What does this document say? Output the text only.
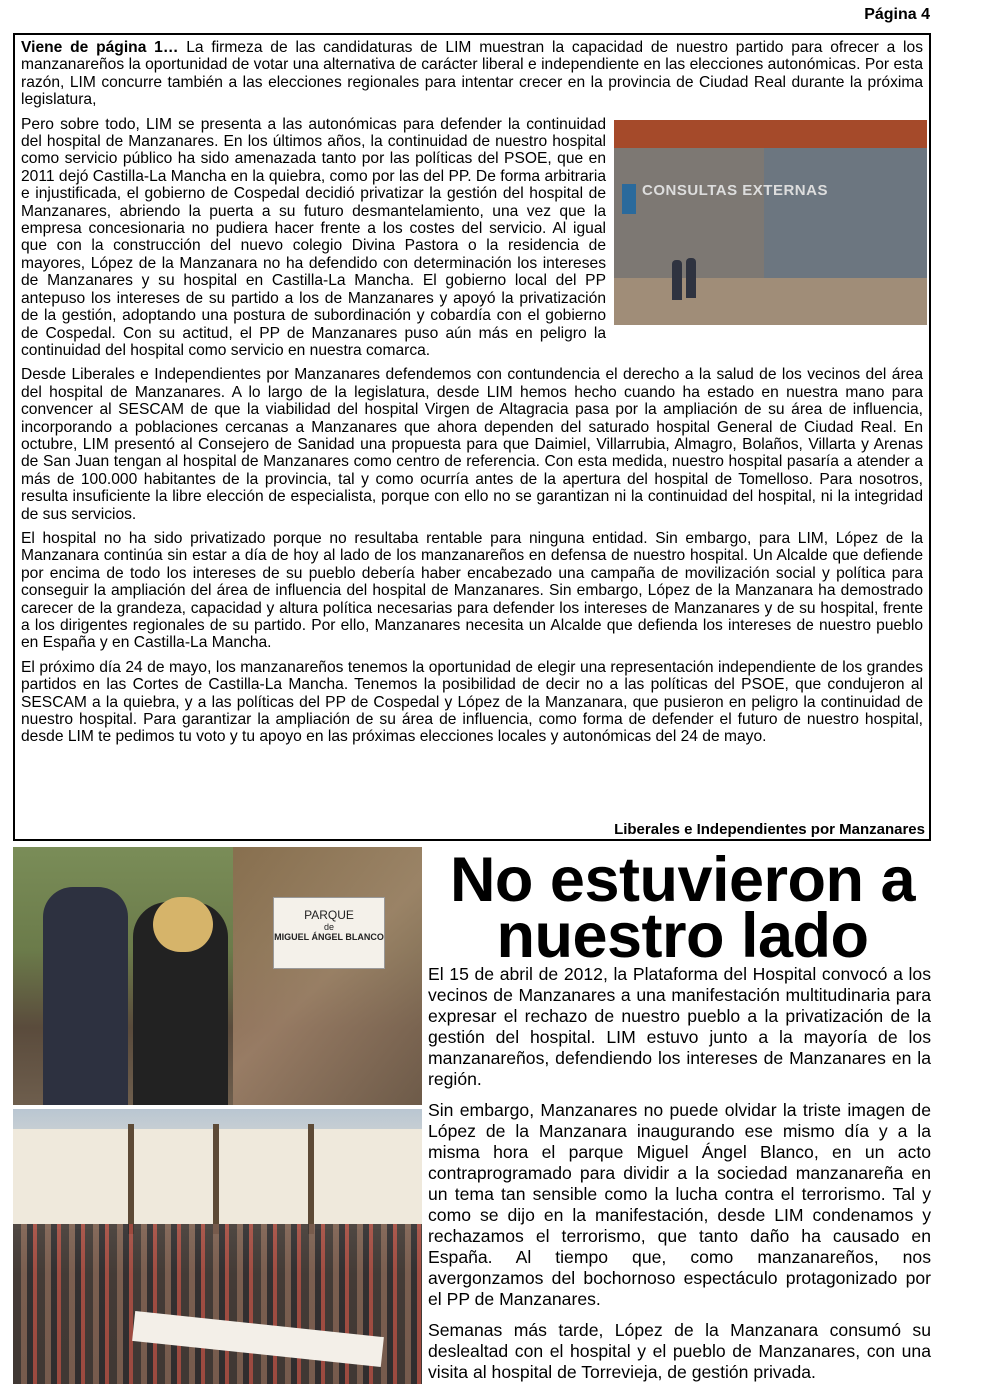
Página 4

Viene de página 1… La firmeza de las candidaturas de LIM muestran la capacidad de nuestro partido para ofrecer a los manzanareños la oportunidad de votar una alternativa de carácter liberal e independiente en las elecciones autonómicas. Por esta razón, LIM concurre también a las elecciones regionales para intentar crecer en la provincia de Ciudad Real durante la próxima legislatura,

CONSULTAS EXTERNAS

Pero sobre todo, LIM se presenta a las autonómicas para defender la continuidad del hospital de Manzanares. En los últimos años, la continuidad de nuestro hospital como servicio público ha sido amenazada tanto por las políticas del PSOE, que en 2011 dejó Castilla-La Mancha en la quiebra, como por las del PP. De forma arbitraria e injustificada, el gobierno de Cospedal decidió privatizar la gestión del hospital de Manzanares, abriendo la puerta a su futuro desmantelamiento, una vez que la empresa concesionaria no pudiera hacer frente a los costes del servicio. Al igual que con la construcción del nuevo colegio Divina Pastora o la residencia de mayores, López de la Manzanara no ha defendido con determinación los intereses de Manzanares y su hospital en Castilla-La Mancha. El gobierno local del PP antepuso los intereses de su partido a los de Manzanares y apoyó la privatización de la gestión, adoptando una postura de subordinación y cobardía con el gobierno de Cospedal. Con su actitud, el PP de Manzanares puso aún más en peligro la continuidad del hospital como servicio en nuestra comarca.

Desde Liberales e Independientes por Manzanares defendemos con contundencia el derecho a la salud de los vecinos del área del hospital de Manzanares. A lo largo de la legislatura, desde LIM hemos hecho cuando ha estado en nuestra mano para convencer al SESCAM de que la viabilidad del hospital Virgen de Altagracia pasa por la ampliación de su área de influencia, incorporando a poblaciones cercanas a Manzanares que ahora dependen del saturado hospital General de Ciudad Real. En octubre, LIM presentó al Consejero de Sanidad una propuesta para que Daimiel, Villarrubia, Almagro, Bolaños, Villarta y Arenas de San Juan tengan al hospital de Manzanares como centro de referencia. Con esta medida, nuestro hospital pasaría a atender a más de 100.000 habitantes de la provincia, tal y como ocurría antes de la apertura del hospital de Tomelloso. Para nosotros, resulta insuficiente la libre elección de especialista, porque con ello no se garantizan ni la continuidad del hospital, ni la integridad de sus servicios.

El hospital no ha sido privatizado porque no resultaba rentable para ninguna entidad. Sin embargo, para LIM, López de la Manzanara continúa sin estar a día de hoy al lado de los manzanareños en defensa de nuestro hospital. Un Alcalde que defiende por encima de todo los intereses de su pueblo debería haber encabezado una campaña de movilización social y política para conseguir la ampliación del área de influencia del hospital de Manzanares. Sin embargo, López de la Manzanara ha demostrado carecer de la grandeza, capacidad y altura política necesarias para defender los intereses de Manzanares y de su hospital, frente a los dirigentes regionales de su partido. Por ello, Manzanares necesita un Alcalde que defienda los intereses de nuestro pueblo en España y en Castilla-La Mancha.

El próximo día 24 de mayo, los manzanareños tenemos la oportunidad de elegir una representación independiente de los grandes partidos en las Cortes de Castilla-La Mancha. Tenemos la posibilidad de decir no a las políticas del PSOE, que condujeron al SESCAM a la quiebra, y a las políticas del PP de Cospedal y López de la Manzanara, que pusieron en peligro la continuidad de nuestro hospital. Para garantizar la ampliación de su área de influencia, como forma de defender el futuro de nuestro hospital, desde LIM te pedimos tu voto y tu apoyo en las próximas elecciones locales y autonómicas del 24 de mayo.

Liberales e Independientes por Manzanares
PARQUE
de
MIGUEL ÁNGEL BLANCO
No estuvieron a nuestro lado

El 15 de abril de 2012, la Plataforma del Hospital convocó a los vecinos de Manzanares a una manifestación multitudinaria para expresar el rechazo de nuestro pueblo a la privatización de la gestión del hospital. LIM estuvo junto a la mayoría de los manzanareños, defendiendo los intereses de Manzanares en la región.

Sin embargo, Manzanares no puede olvidar la triste imagen de López de la Manzanara inaugurando ese mismo día y a la misma hora el parque Miguel Ángel Blanco, en un acto contraprogramado para dividir a la sociedad manzanareña en un tema tan sensible como la lucha contra el terrorismo. Tal y como se dijo en la manifestación, desde LIM condenamos y rechazamos el terrorismo, que tanto daño ha causado en España. Al tiempo que, como manzanareños, nos avergonzamos del bochornoso espectáculo protagonizado por el PP de Manzanares.

Semanas más tarde, López de la Manzanara consumó su deslealtad con el hospital y el pueblo de Manzanares, con una visita al hospital de Torrevieja, de gestión privada.
